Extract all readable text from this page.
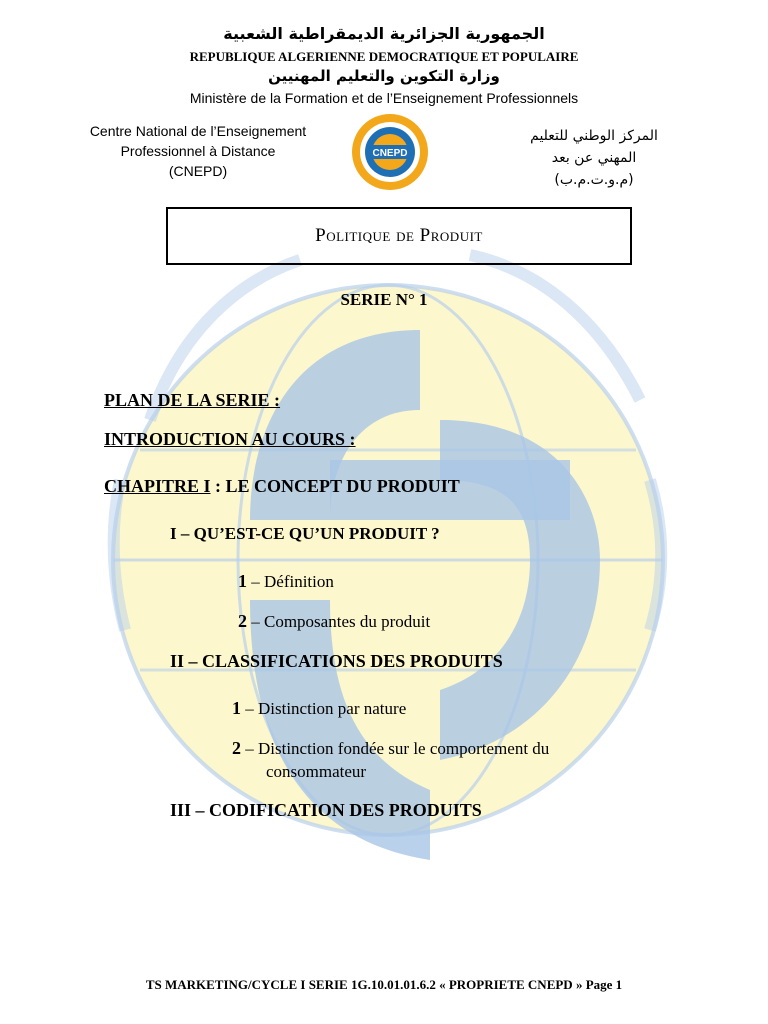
الجمهورية الجزائرية الديمقراطية الشعبية
REPUBLIQUE ALGERIENNE DEMOCRATIQUE ET POPULAIRE
وزارة التكوين والتعليم المهنيين
Ministère de la Formation et de l’Enseignement Professionnels
Centre National de l’Enseignement
Professionnel à Distance
(CNEPD)
CNEPD
المركز الوطني للتعليم
المهني عن بعد
(م.و.ت.م.ب)
Politique de Produit
SERIE N° 1
PLAN DE LA SERIE :
INTRODUCTION AU COURS :
CHAPITRE I : LE CONCEPT DU PRODUIT
I – QU’EST-CE QU’UN PRODUIT ?
1 – Définition
2 – Composantes du produit
II – CLASSIFICATIONS DES PRODUITS
1 – Distinction par nature
2 – Distinction fondée sur le comportement du
consommateur
III – CODIFICATION DES PRODUITS
TS MARKETING/CYCLE I SERIE 1G.10.01.01.6.2 « PROPRIETE CNEPD » Page 1
